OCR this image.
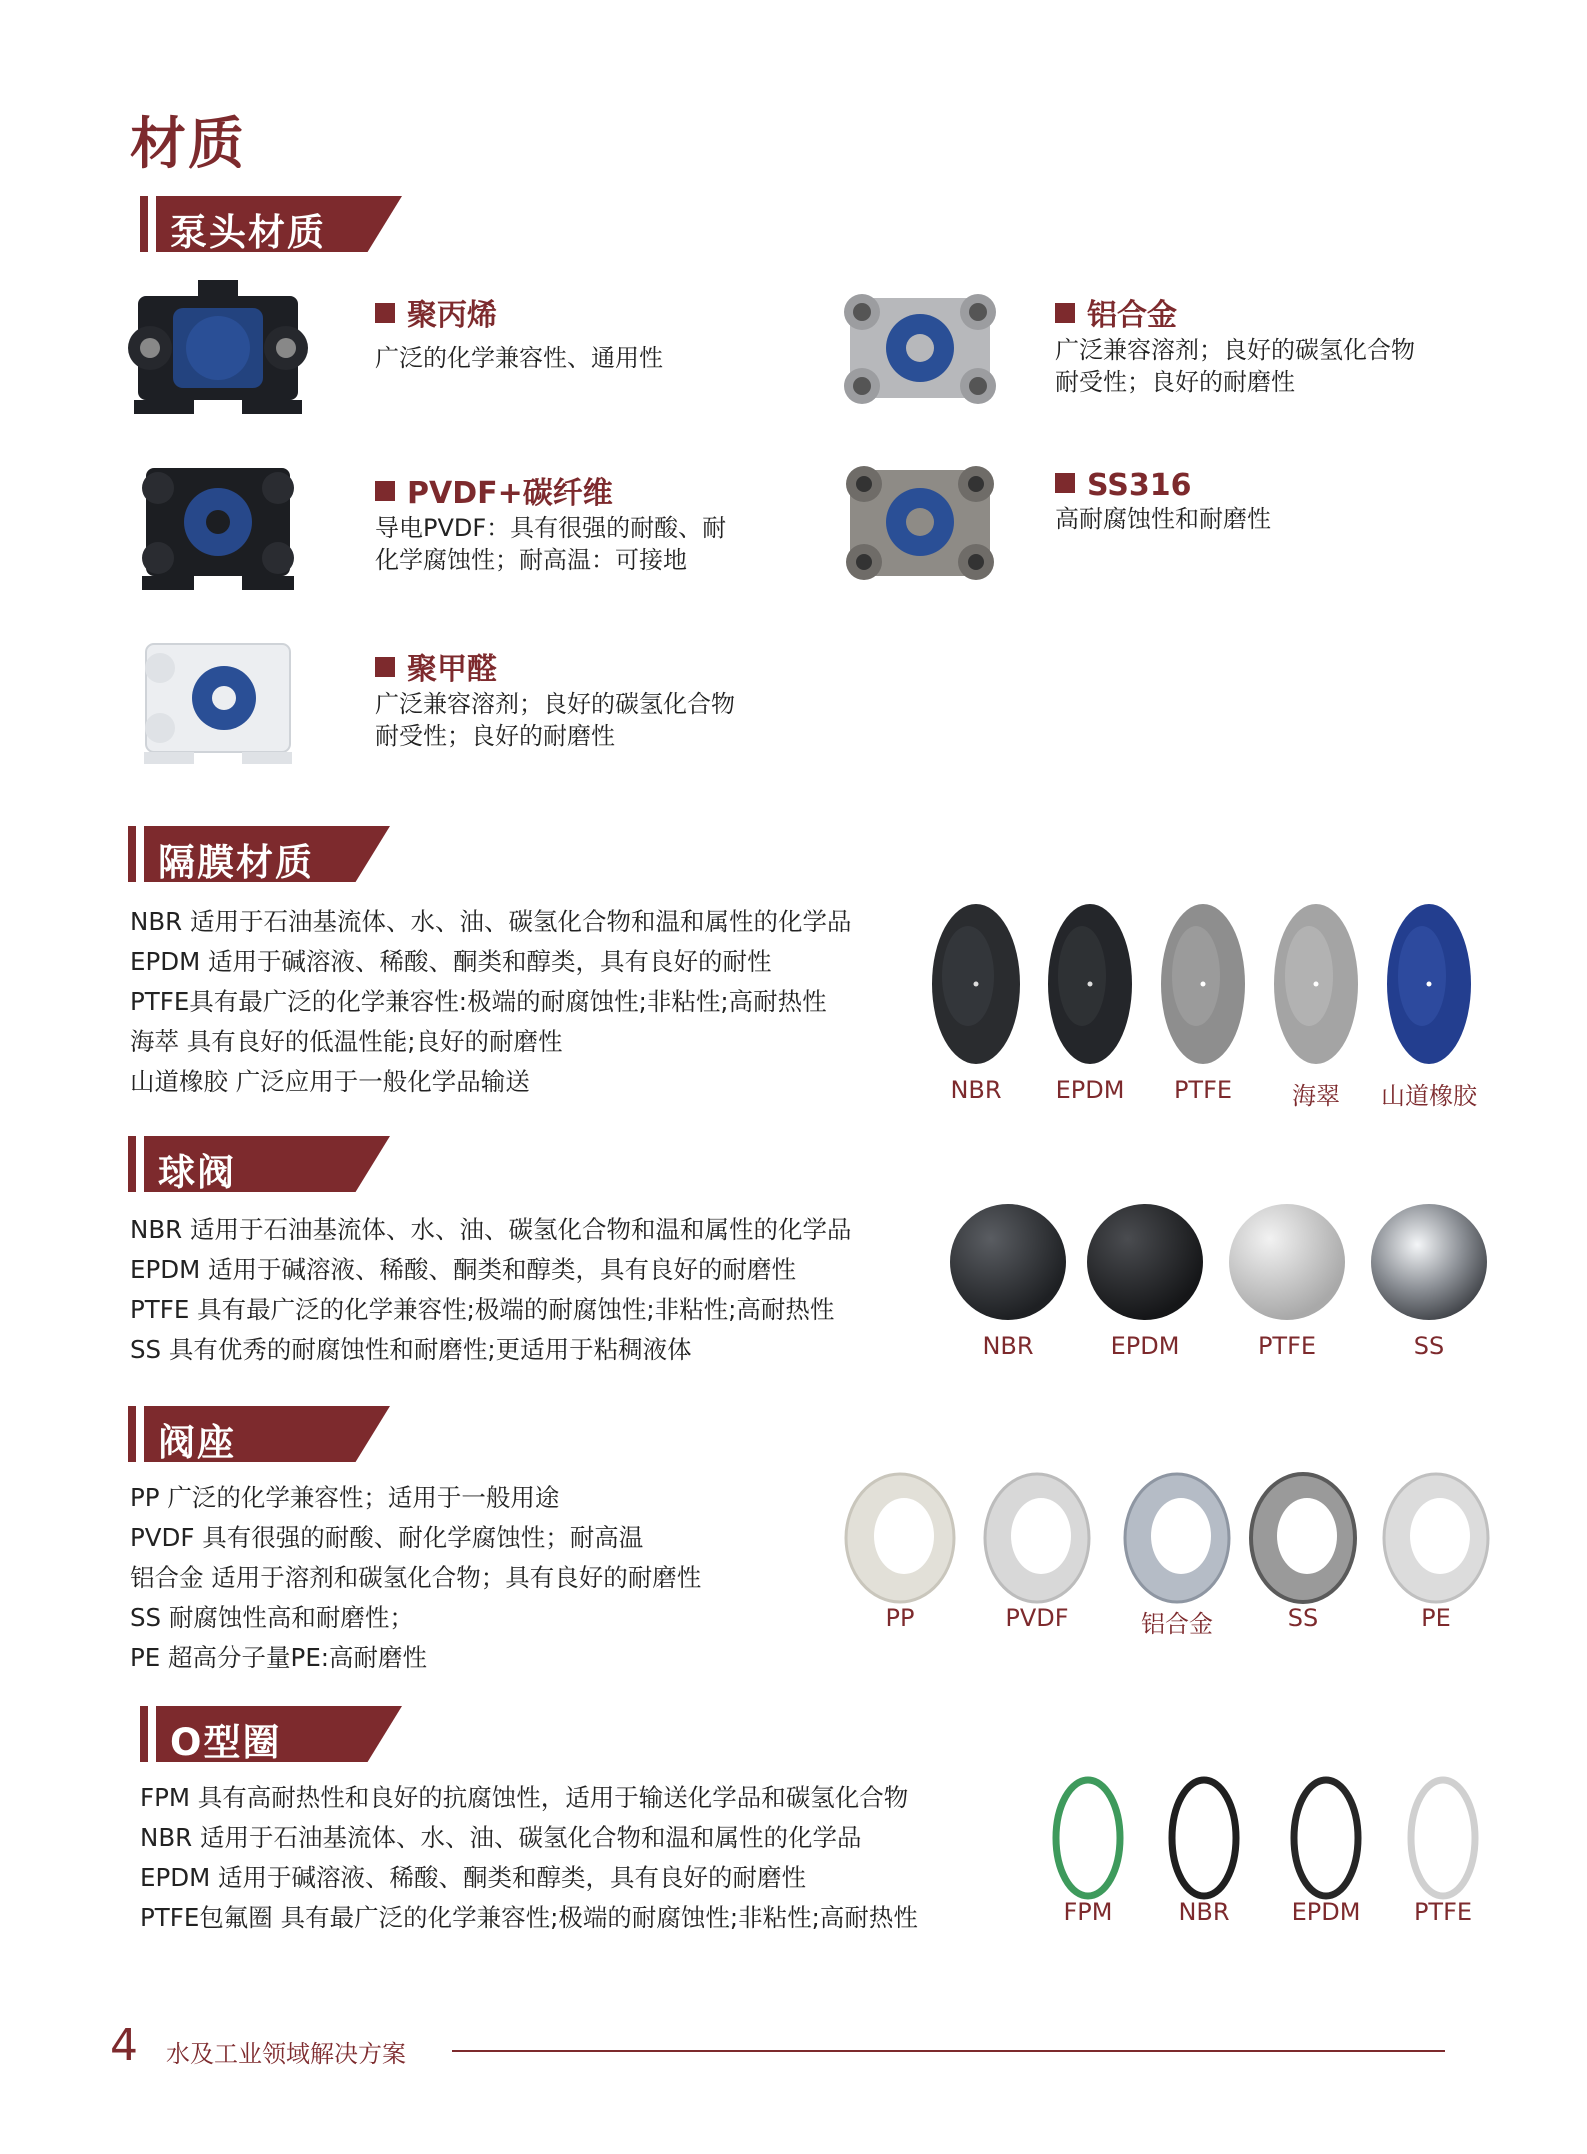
材质
泵头材质
聚丙烯
广泛的化学兼容性、通用性
铝合金
广泛兼容溶剂；良好的碳氢化合物
耐受性；良好的耐磨性
PVDF+碳纤维
导电PVDF：具有很强的耐酸、耐
化学腐蚀性；耐高温：可接地
SS316
高耐腐蚀性和耐磨性
聚甲醛
广泛兼容溶剂；良好的碳氢化合物
耐受性；良好的耐磨性
隔膜材质
NBR 适用于石油基流体、水、油、碳氢化合物和温和属性的化学品
EPDM 适用于碱溶液、稀酸、酮类和醇类，具有良好的耐性
PTFE具有最广泛的化学兼容性:极端的耐腐蚀性;非粘性;高耐热性
海萃 具有良好的低温性能;良好的耐磨性
山道橡胶 广泛应用于一般化学品输送	NBR	EPDM	PTFE	海翠	山道橡胶
球阀
NBR 适用于石油基流体、水、油、碳氢化合物和温和属性的化学品
EPDM 适用于碱溶液、稀酸、酮类和醇类，具有良好的耐磨性
PTFE 具有最广泛的化学兼容性;极端的耐腐蚀性;非粘性;高耐热性
SS 具有优秀的耐腐蚀性和耐磨性;更适用于粘稠液体	NBR	EPDM	PTFE	SS
阀座
PP 广泛的化学兼容性；适用于一般用途
PVDF 具有很强的耐酸、耐化学腐蚀性；耐高温
铝合金 适用于溶剂和碳氢化合物；具有良好的耐磨性
SS 耐腐蚀性高和耐磨性；
PE 超高分子量PE:高耐磨性
PP	PVDF	铝合金	SS	PE
O型圈
FPM 具有高耐热性和良好的抗腐蚀性，适用于输送化学品和碳氢化合物
NBR 适用于石油基流体、水、油、碳氢化合物和温和属性的化学品
EPDM 适用于碱溶液、稀酸、酮类和醇类，具有良好的耐磨性
PTFE包氟圈 具有最广泛的化学兼容性;极端的耐腐蚀性;非粘性;高耐热性	FPM	NBR	EPDM	PTFE
4 水及工业领域解决方案
